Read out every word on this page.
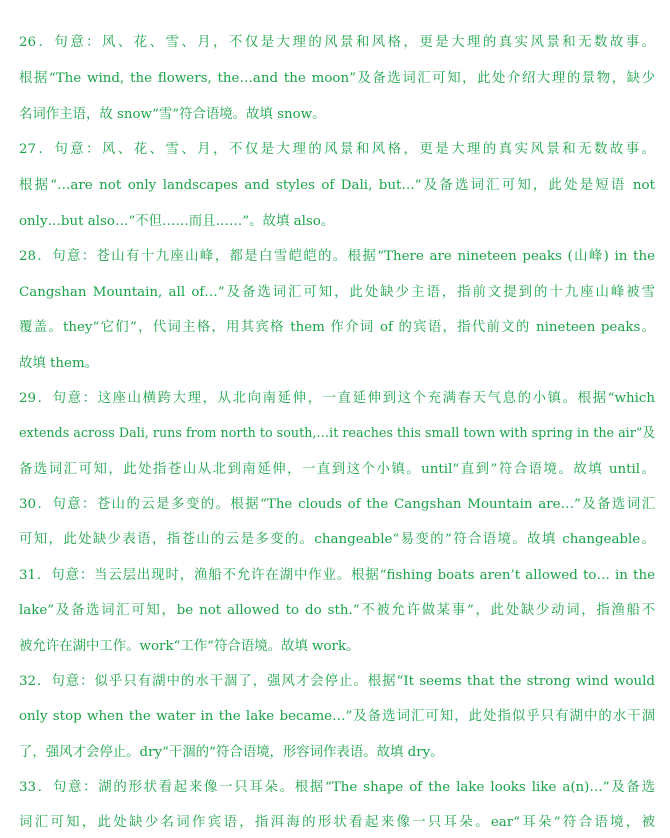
26．句意：风、花、雪、月，不仅是大理的风景和风格，更是大理的真实风景和无数故事。
根据“The wind, the flowers, the…and the moon”及备选词汇可知，此处介绍大理的景物，缺少
名词作主语，故 snow“雪”符合语境。故填 snow。
27．句意：风、花、雪、月，不仅是大理的风景和风格，更是大理的真实风景和无数故事。
根据“…are not only landscapes and styles of Dali, but…”及备选词汇可知，此处是短语 not
only…but also…“不但……而且……”。故填 also。
28．句意：苍山有十九座山峰，都是白雪皑皑的。根据“There are nineteen peaks (山峰) in the
Cangshan Mountain, all of…”及备选词汇可知，此处缺少主语，指前文提到的十九座山峰被雪
覆盖。they“它们”，代词主格，用其宾格 them 作介词 of 的宾语，指代前文的 nineteen peaks。
故填 them。
29．句意：这座山横跨大理，从北向南延伸，一直延伸到这个充满春天气息的小镇。根据“which
extends across Dali, runs from north to south,…it reaches this small town with spring in the air”及
备选词汇可知，此处指苍山从北到南延伸，一直到这个小镇。until“直到”符合语境。故填 until。
30．句意：苍山的云是多变的。根据“The clouds of the Cangshan Mountain are…”及备选词汇
可知，此处缺少表语，指苍山的云是多变的。changeable“易变的”符合语境。故填 changeable。
31．句意：当云层出现时，渔船不允许在湖中作业。根据“fishing boats aren’t allowed to… in the
lake”及备选词汇可知，be not allowed to do sth.“不被允许做某事”，此处缺少动词，指渔船不
被允许在湖中工作。work“工作”符合语境。故填 work。
32．句意：似乎只有湖中的水干涸了，强风才会停止。根据“It seems that the strong wind would
only stop when the water in the lake became…”及备选词汇可知，此处指似乎只有湖中的水干涸
了，强风才会停止。dry“干涸的”符合语境，形容词作表语。故填 dry。
33．句意：湖的形状看起来像一只耳朵。根据“The shape of the lake looks like a(n)…”及备选
词汇可知，此处缺少名词作宾语，指洱海的形状看起来像一只耳朵。ear“耳朵”符合语境，被
